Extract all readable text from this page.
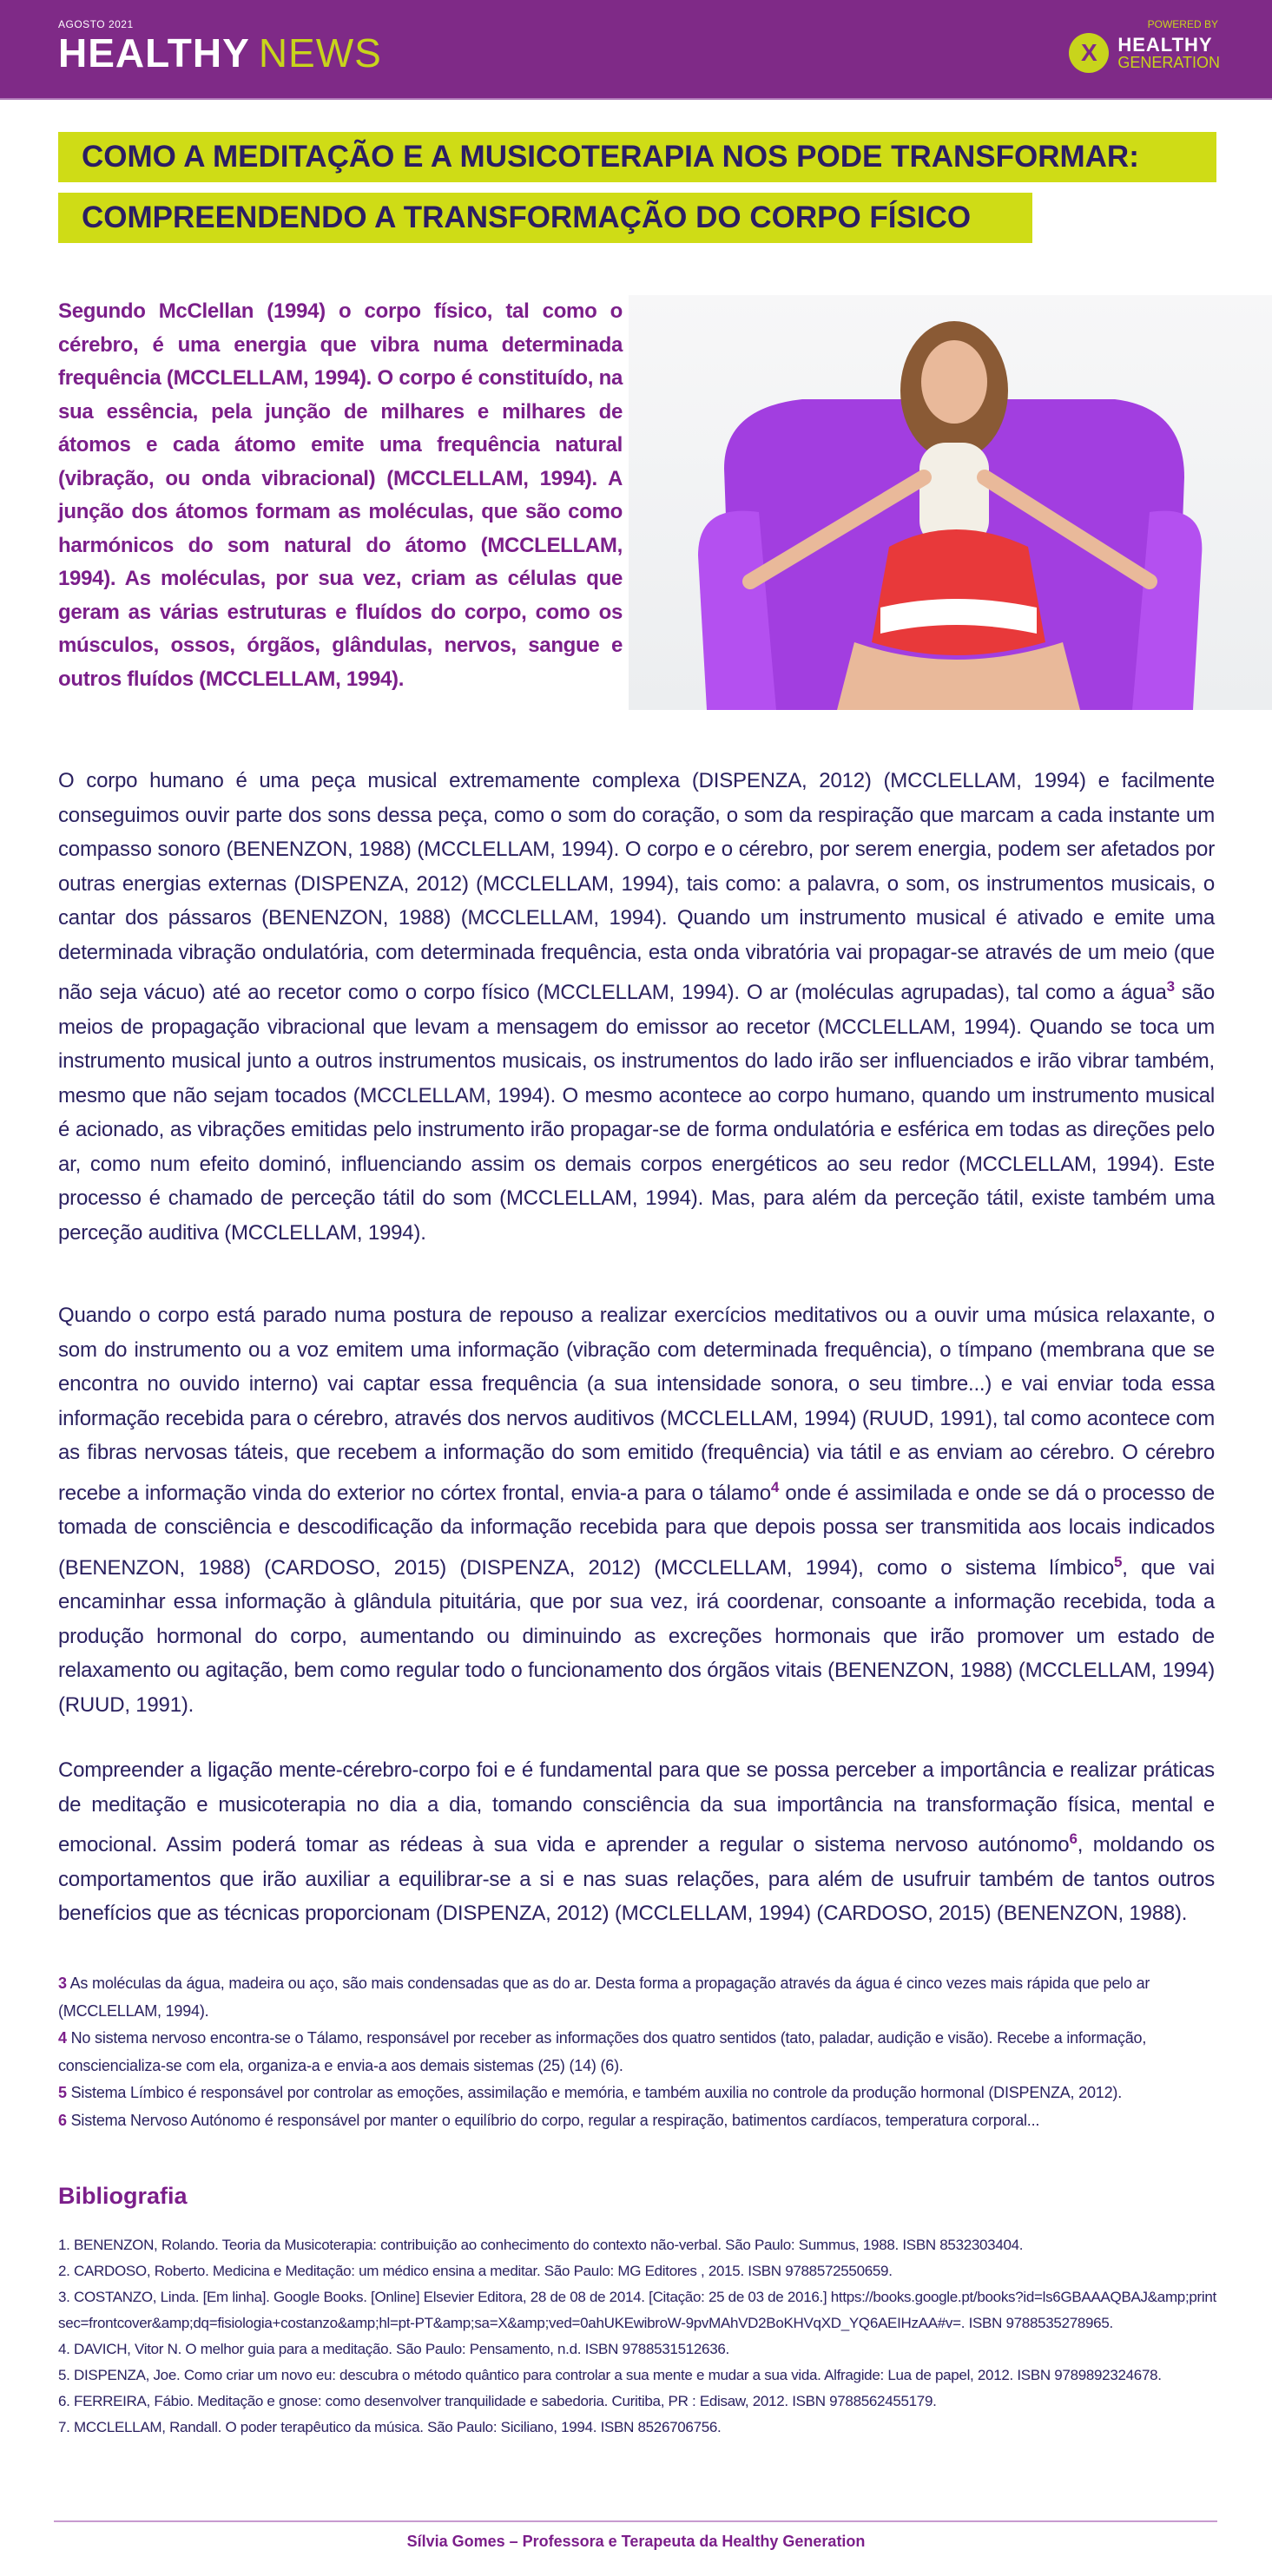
AGOSTO 2021
HEALTHY NEWS
POWERED BY
X	HEALTHY
GENERATION
COMO A MEDITAÇÃO E A MUSICOTERAPIA NOS PODE TRANSFORMAR:
COMPREENDENDO A TRANSFORMAÇÃO DO CORPO FÍSICO

Segundo McClellan (1994) o corpo físico, tal como o cérebro, é uma energia que vibra numa determinada frequência (MCCLELLAM, 1994). O corpo é constituído, na sua essência, pela junção de milhares e milhares de átomos e cada átomo emite uma frequência natural (vibração, ou onda vibracional) (MCCLELLAM, 1994). A junção dos átomos formam as moléculas, que são como harmónicos do som natural do átomo (MCCLELLAM, 1994). As moléculas, por sua vez, criam as células que geram as várias estruturas e fluídos do corpo, como os músculos, ossos, órgãos, glândulas, nervos, sangue e outros fluídos (MCCLELLAM, 1994).

O corpo humano é uma peça musical extremamente complexa (DISPENZA, 2012) (MCCLELLAM, 1994) e facilmente conseguimos ouvir parte dos sons dessa peça, como o som do coração, o som da respiração que marcam a cada instante um compasso sonoro (BENENZON, 1988) (MCCLELLAM, 1994). O corpo e o cérebro, por serem energia, podem ser afetados por outras energias externas (DISPENZA, 2012) (MCCLELLAM, 1994), tais como: a palavra, o som, os instrumentos musicais, o cantar dos pássaros (BENENZON, 1988) (MCCLELLAM, 1994). Quando um instrumento musical é ativado e emite uma determinada vibração ondulatória, com determinada frequência, esta onda vibratória vai propagar-se através de um meio (que não seja vácuo) até ao recetor como o corpo físico (MCCLELLAM, 1994). O ar (moléculas agrupadas), tal como a água$^3$ são meios de propagação vibracional que levam a mensagem do emissor ao recetor (MCCLELLAM, 1994). Quando se toca um instrumento musical junto a outros instrumentos musicais, os instrumentos do lado irão ser influenciados e irão vibrar também, mesmo que não sejam tocados (MCCLELLAM, 1994). O mesmo acontece ao corpo humano, quando um instrumento musical é acionado, as vibrações emitidas pelo instrumento irão propagar-se de forma ondulatória e esférica em todas as direções pelo ar, como num efeito dominó, influenciando assim os demais corpos energéticos ao seu redor (MCCLELLAM, 1994). Este processo é chamado de perceção tátil do som (MCCLELLAM, 1994). Mas, para além da perceção tátil, existe também uma perceção auditiva (MCCLELLAM, 1994).

Quando o corpo está parado numa postura de repouso a realizar exercícios meditativos ou a ouvir uma música relaxante, o som do instrumento ou a voz emitem uma informação (vibração com determinada frequência), o tímpano (membrana que se encontra no ouvido interno) vai captar essa frequência (a sua intensidade sonora, o seu timbre...) e vai enviar toda essa informação recebida para o cérebro, através dos nervos auditivos (MCCLELLAM, 1994) (RUUD, 1991), tal como acontece com as fibras nervosas táteis, que recebem a informação do som emitido (frequência) via tátil e as enviam ao cérebro. O cérebro recebe a informação vinda do exterior no córtex frontal, envia-a para o tálamo$^4$ onde é assimilada e onde se dá o processo de tomada de consciência e descodificação da informação recebida para que depois possa ser transmitida aos locais indicados (BENENZON, 1988) (CARDOSO, 2015) (DISPENZA, 2012) (MCCLELLAM, 1994), como o sistema límbico$^5$, que vai encaminhar essa informação à glândula pituitária, que por sua vez, irá coordenar, consoante a informação recebida, toda a produção hormonal do corpo, aumentando ou diminuindo as excreções hormonais que irão promover um estado de relaxamento ou agitação, bem como regular todo o funcionamento dos órgãos vitais (BENENZON, 1988) (MCCLELLAM, 1994) (RUUD, 1991).

Compreender a ligação mente-cérebro-corpo foi e é fundamental para que se possa perceber a importância e realizar práticas de meditação e musicoterapia no dia a dia, tomando consciência da sua importância na transformação física, mental e emocional. Assim poderá tomar as rédeas à sua vida e aprender a regular o sistema nervoso autónomo$^6$, moldando os comportamentos que irão auxiliar a equilibrar-se a si e nas suas relações, para além de usufruir também de tantos outros benefícios que as técnicas proporcionam (DISPENZA, 2012) (MCCLELLAM, 1994) (CARDOSO, 2015) (BENENZON, 1988).

3 As moléculas da água, madeira ou aço, são mais condensadas que as do ar. Desta forma a propagação através da água é cinco vezes mais rápida que pelo ar (MCCLELLAM, 1994).
4 No sistema nervoso encontra-se o Tálamo, responsável por receber as informações dos quatro sentidos (tato, paladar, audição e visão). Recebe a informação, consciencializa-se com ela, organiza-a e envia-a aos demais sistemas (25) (14) (6).
5 Sistema Límbico é responsável por controlar as emoções, assimilação e memória, e também auxilia no controle da produção hormonal (DISPENZA, 2012).
6 Sistema Nervoso Autónomo é responsável por manter o equilíbrio do corpo, regular a respiração, batimentos cardíacos, temperatura corporal...
Bibliografia
1. BENENZON, Rolando. Teoria da Musicoterapia: contribuição ao conhecimento do contexto não-verbal. São Paulo: Summus, 1988. ISBN 8532303404.
2. CARDOSO, Roberto. Medicina e Meditação: um médico ensina a meditar. São Paulo: MG Editores , 2015. ISBN 9788572550659.
3. COSTANZO, Linda. [Em linha]. Google Books. [Online] Elsevier Editora, 28 de 08 de 2014. [Citação: 25 de 03 de 2016.] https://books.google.pt/books?id=ls6GBAAAQBAJ&amp;printsec=frontcover&amp;dq=fisiologia+costanzo&amp;hl=pt-PT&amp;sa=X&amp;ved=0ahUKEwibroW-9pvMAhVD2BoKHVqXD_YQ6AEIHzAA#v=. ISBN 9788535278965.
4. DAVICH, Vitor N. O melhor guia para a meditação. São Paulo: Pensamento, n.d. ISBN 9788531512636.
5. DISPENZA, Joe. Como criar um novo eu: descubra o método quântico para controlar a sua mente e mudar a sua vida. Alfragide: Lua de papel, 2012. ISBN 9789892324678.
6. FERREIRA, Fábio. Meditação e gnose: como desenvolver tranquilidade e sabedoria. Curitiba, PR : Edisaw, 2012. ISBN 9788562455179.
7. MCCLELLAM, Randall. O poder terapêutico da música. São Paulo: Siciliano, 1994. ISBN 8526706756.
Sílvia Gomes – Professora e Terapeuta da Healthy Generation
